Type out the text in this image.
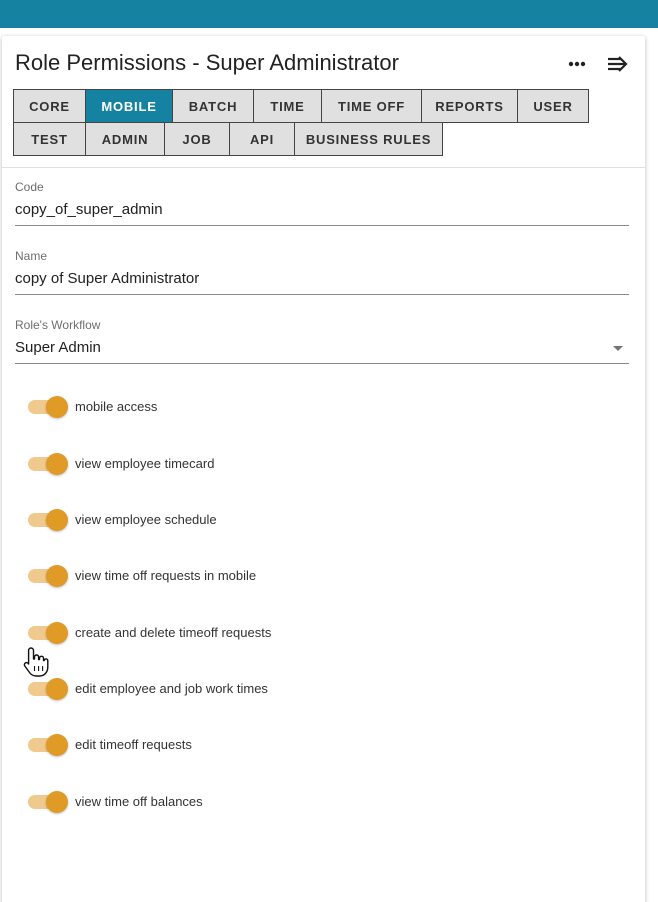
Role Permissions - Super Administrator
CORE	MOBILE	BATCH	TIME	TIME OFF	REPORTS	USER
TEST	ADMIN	JOB	API	BUSINESS RULES
Code
copy_of_super_admin
Name
copy of Super Administrator
Role's Workflow
Super Admin
mobile access
view employee timecard
view employee schedule
view time off requests in mobile
create and delete timeoff requests
edit employee and job work times
edit timeoff requests
view time off balances
